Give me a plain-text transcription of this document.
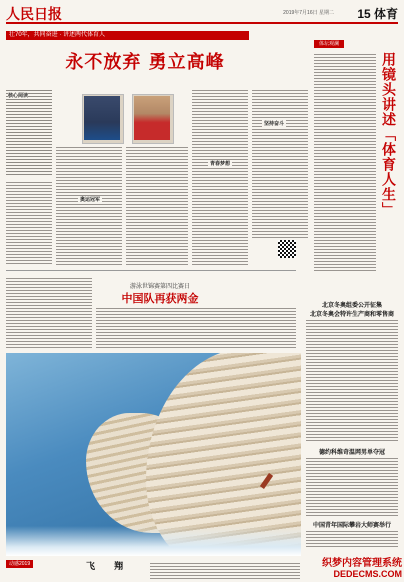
人民日报	2019年7月16日 星期二 15 体育
壮70年，共同奋进 · 讲述两代体育人
永不放弃 勇立高峰
核心阅读
奥运冠军
青春梦想
坚持奋斗
体坛观澜
用镜头讲述「体育人生」
游泳世锦赛第四比赛日
中国队再获两金
北京冬奥组委公开征集
北京冬奥会特许生产商和零售商
德约科维奇温网男单夺冠
中国青年国际攀岩大师赛举行
动感2019	飞 翔	织梦内容管理系统
DEDECMS.COM
